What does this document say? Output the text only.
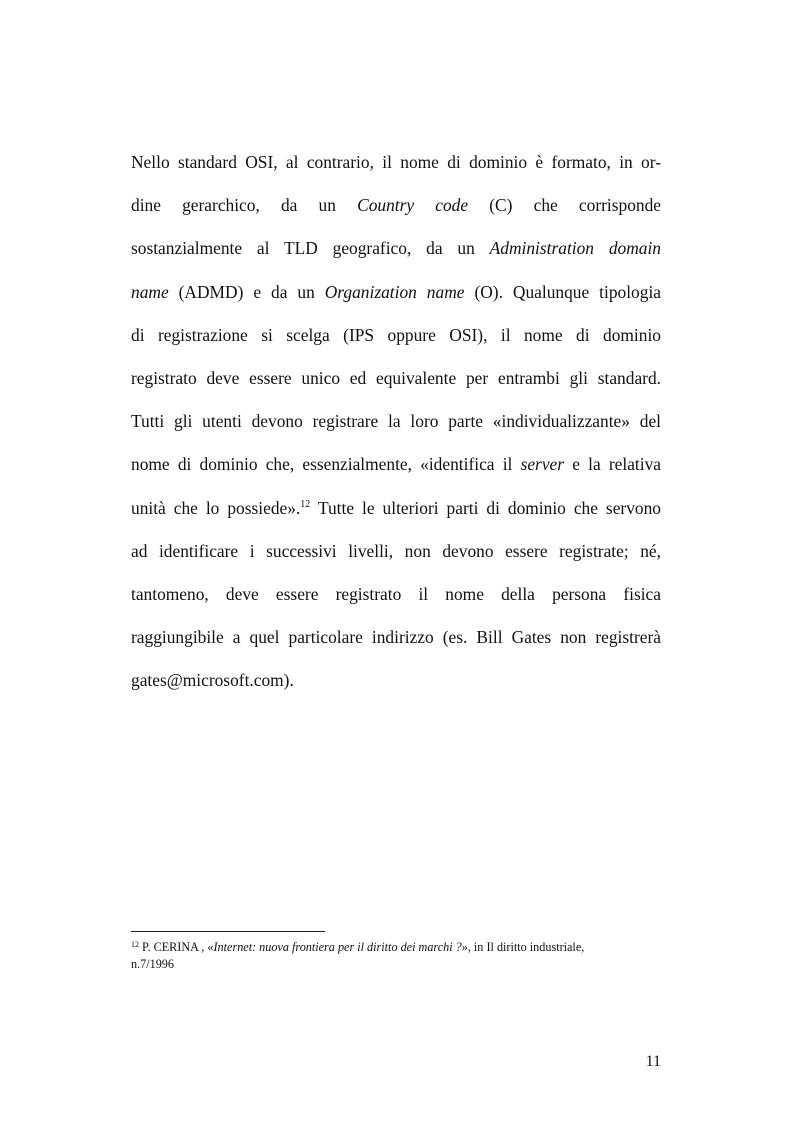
Nello standard OSI, al contrario, il nome di dominio è formato, in or-
dine gerarchico, da un Country code (C) che corrisponde
sostanzialmente al TLD geografico, da un Administration domain
name (ADMD) e da un Organization name (O). Qualunque tipologia
di registrazione si scelga (IPS oppure OSI), il nome di dominio
registrato deve essere unico ed equivalente per entrambi gli standard.
Tutti gli utenti devono registrare la loro parte «individualizzante» del
nome di dominio che, essenzialmente, «identifica il server e la relativa
unità che lo possiede».$^{12}$ Tutte le ulteriori parti di dominio che servono
ad identificare i successivi livelli, non devono essere registrate; né,
tantomeno, deve essere registrato il nome della persona fisica
raggiungibile a quel particolare indirizzo (es. Bill Gates non registrerà
gates@microsoft.com).

$^{12}$ P. CERINA , «Internet: nuova frontiera per il diritto dei marchi ?», in Il diritto industriale,
n.7/1996

11
